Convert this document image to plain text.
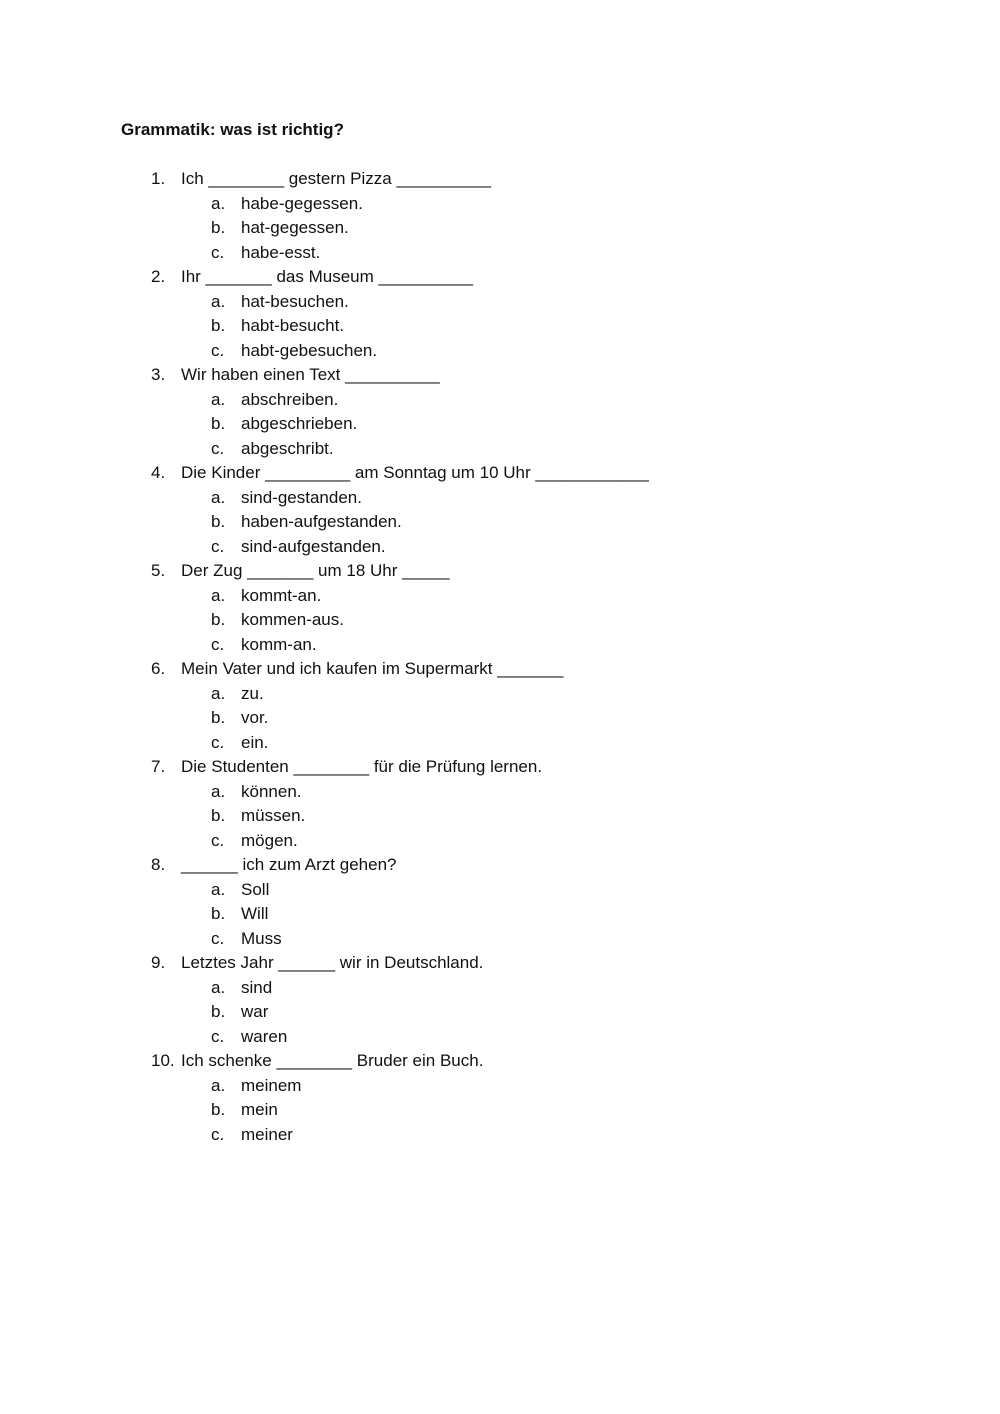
Grammatik: was ist richtig?
1. Ich ________ gestern Pizza __________
a. habe-gegessen.
b. hat-gegessen.
c. habe-esst.
2. Ihr _______ das Museum __________
a. hat-besuchen.
b. habt-besucht.
c. habt-gebesuchen.
3. Wir haben einen Text __________
a. abschreiben.
b. abgeschrieben.
c. abgeschribt.
4. Die Kinder _________ am Sonntag um 10 Uhr ____________
a. sind-gestanden.
b. haben-aufgestanden.
c. sind-aufgestanden.
5. Der Zug _______ um 18 Uhr _____
a. kommt-an.
b. kommen-aus.
c. komm-an.
6. Mein Vater und ich kaufen im Supermarkt _______
a. zu.
b. vor.
c. ein.
7. Die Studenten ________ für die Prüfung lernen.
a. können.
b. müssen.
c. mögen.
8. ______ ich zum Arzt gehen?
a. Soll
b. Will
c. Muss
9. Letztes Jahr ______ wir in Deutschland.
a. sind
b. war
c. waren
10. Ich schenke ________ Bruder ein Buch.
a. meinem
b. mein
c. meiner
